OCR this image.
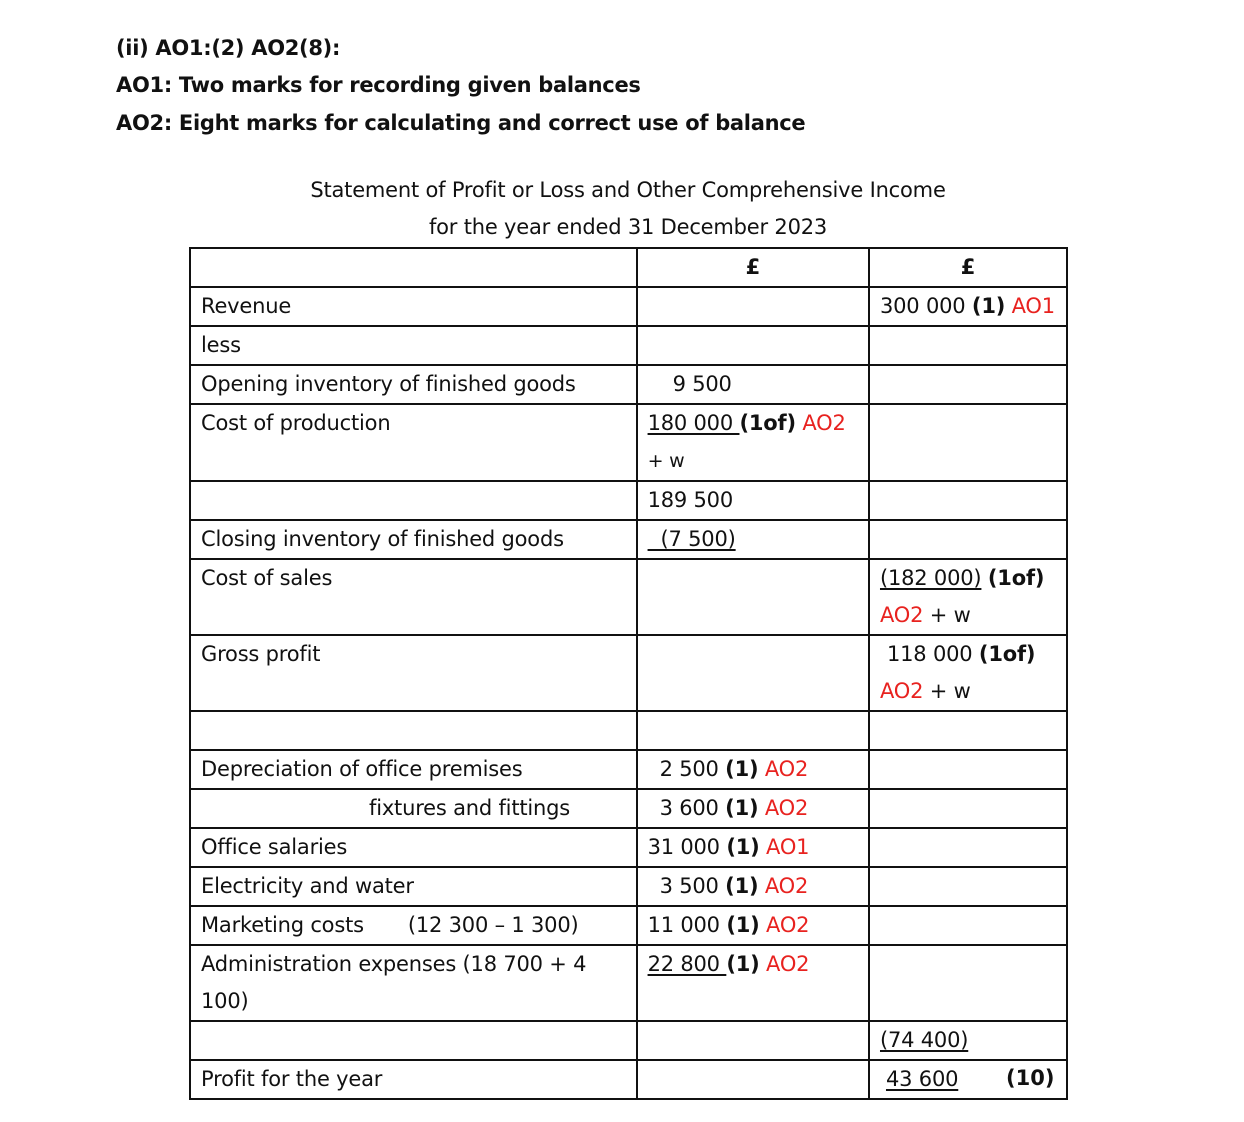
(ii) AO1:(2) AO2(8):
AO1: Two marks for recording given balances
AO2: Eight marks for calculating and correct use of balance
Statement of Profit or Loss and Other Comprehensive Income
for the year ended 31 December 2023
	£	£
Revenue		300 000 (1) AO1
less		
Opening inventory of finished goods	9 500	
Cost of production	180 000 (1of) AO2
+ w	
	189 500	
Closing inventory of finished goods	(7 500)	
Cost of sales		(182 000) (1of)
AO2 + w
Gross profit		118 000 (1of)
AO2 + w

Depreciation of office premises	2 500 (1) AO2	
fixtures and fittings	3 600 (1) AO2	
Office salaries	31 000 (1) AO1	
Electricity and water	3 500 (1) AO2	
Marketing costs (12 300 – 1 300)	11 000 (1) AO2	
Administration expenses (18 700 + 4 100)	22 800 (1) AO2	
		(74 400)
Profit for the year		43 600 (10)
